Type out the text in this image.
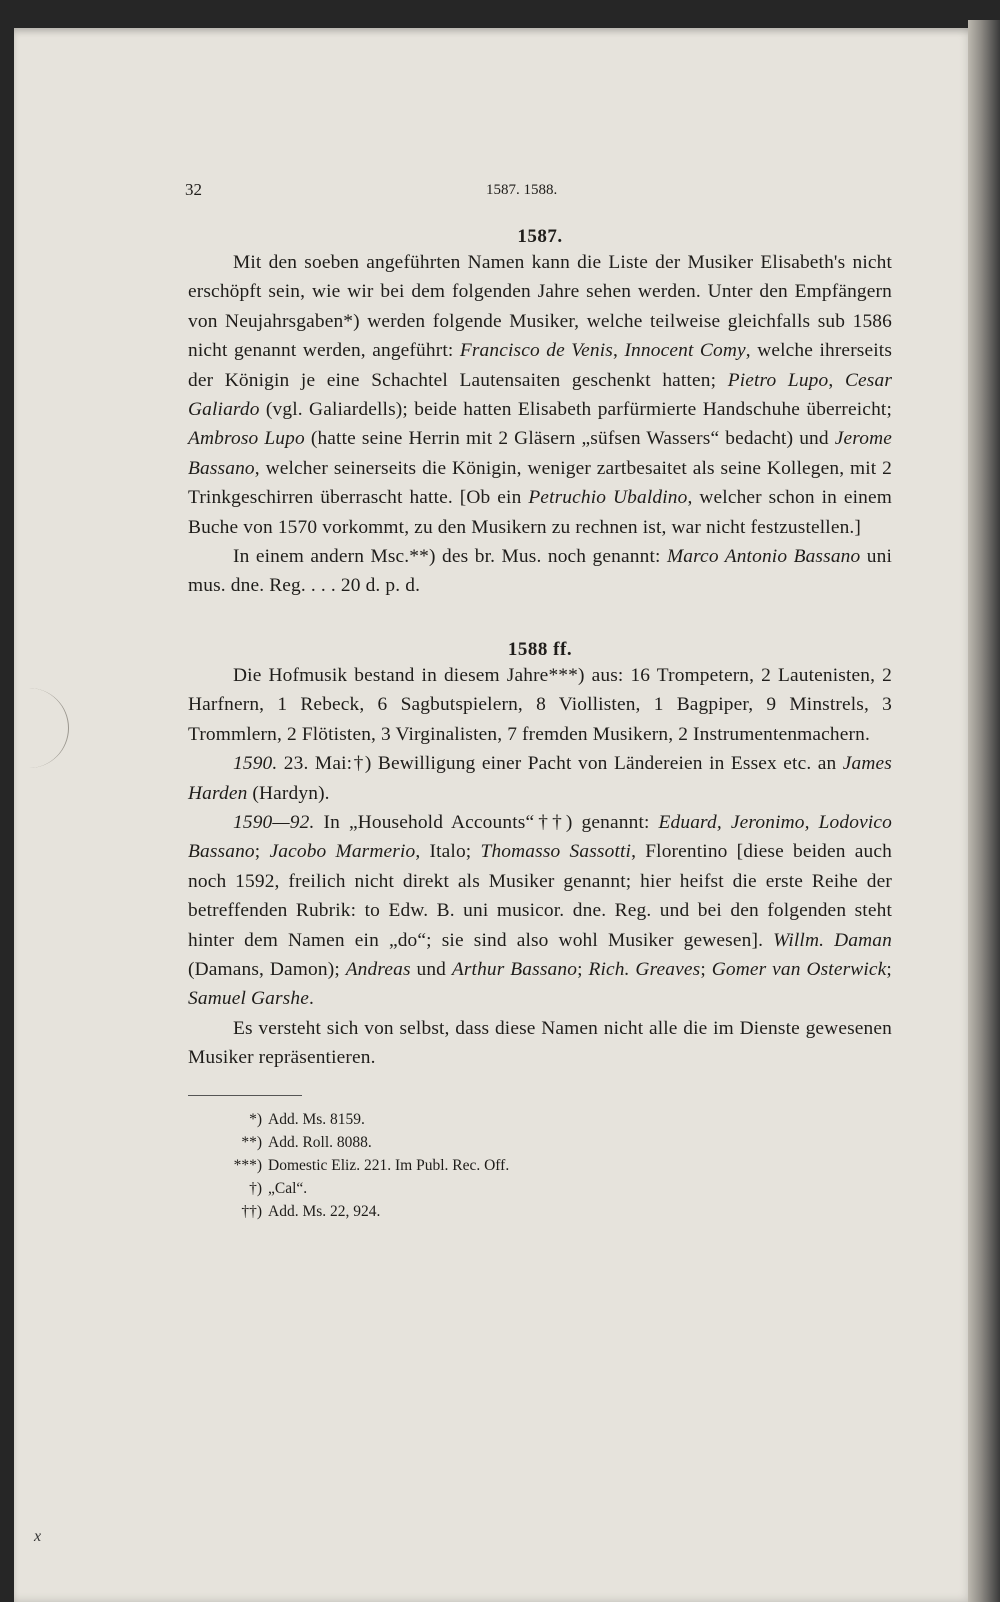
32	1587. 1588.
1587.

Mit den soeben angeführten Namen kann die Liste der Musiker Elisabeth's nicht erschöpft sein, wie wir bei dem folgenden Jahre sehen werden. Unter den Empfängern von Neujahrsgaben*) werden folgende Musiker, welche teilweise gleichfalls sub 1586 nicht genannt werden, angeführt: Francisco de Venis, Innocent Comy, welche ihrerseits der Königin je eine Schachtel Lautensaiten geschenkt hatten; Pietro Lupo, Cesar Galiardo (vgl. Galiardells); beide hatten Elisabeth parfürmierte Handschuhe überreicht; Ambroso Lupo (hatte seine Herrin mit 2 Gläsern „süfsen Wassers“ bedacht) und Jerome Bassano, welcher seinerseits die Königin, weniger zartbesaitet als seine Kollegen, mit 2 Trinkgeschirren überrascht hatte. [Ob ein Petruchio Ubaldino, welcher schon in einem Buche von 1570 vorkommt, zu den Musikern zu rechnen ist, war nicht festzustellen.]

In einem andern Msc.**) des br. Mus. noch genannt: Marco Antonio Bassano uni mus. dne. Reg. . . . 20 d. p. d.

1588 ff.

Die Hofmusik bestand in diesem Jahre***) aus: 16 Trompetern, 2 Lautenisten, 2 Harfnern, 1 Rebeck, 6 Sagbutspielern, 8 Viollisten, 1 Bagpiper, 9 Minstrels, 3 Trommlern, 2 Flötisten, 3 Virginalisten, 7 fremden Musikern, 2 Instrumentenmachern.

1590. 23. Mai:†) Bewilligung einer Pacht von Ländereien in Essex etc. an James Harden (Hardyn).

1590—92. In „Household Accounts“††) genannt: Eduard, Jeronimo, Lodovico Bassano; Jacobo Marmerio, Italo; Thomasso Sassotti, Florentino [diese beiden auch noch 1592, freilich nicht direkt als Musiker genannt; hier heifst die erste Reihe der betreffenden Rubrik: to Edw. B. uni musicor. dne. Reg. und bei den folgenden steht hinter dem Namen ein „do“; sie sind also wohl Musiker gewesen]. Willm. Daman (Damans, Damon); Andreas und Arthur Bassano; Rich. Greaves; Gomer van Osterwick; Samuel Garshe.

Es versteht sich von selbst, dass diese Namen nicht alle die im Dienste gewesenen Musiker repräsentieren.

*) Add. Ms. 8159.
**) Add. Roll. 8088.
***) Domestic Eliz. 221. Im Publ. Rec. Off.
†) „Cal“.
††) Add. Ms. 22, 924.
x
